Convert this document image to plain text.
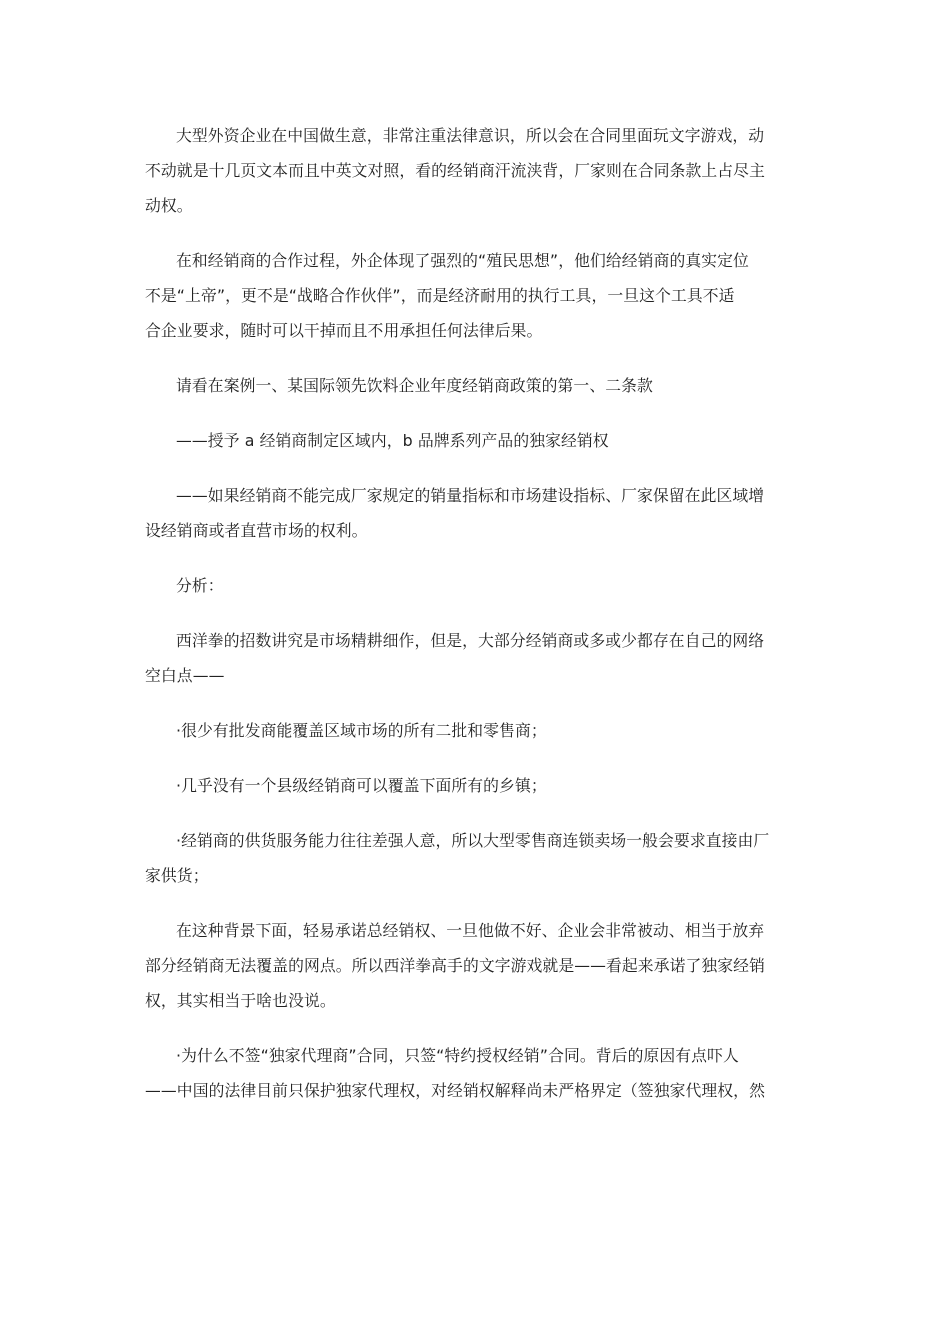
大型外资企业在中国做生意，非常注重法律意识，所以会在合同里面玩文字游戏，动
不动就是十几页文本而且中英文对照，看的经销商汗流浃背，厂家则在合同条款上占尽主
动权。

在和经销商的合作过程，外企体现了强烈的“殖民思想”，他们给经销商的真实定位
不是“上帝”，更不是“战略合作伙伴”，而是经济耐用的执行工具，一旦这个工具不适
合企业要求，随时可以干掉而且不用承担任何法律后果。

请看在案例一、某国际领先饮料企业年度经销商政策的第一、二条款

——授予 a 经销商制定区域内，b 品牌系列产品的独家经销权

——如果经销商不能完成厂家规定的销量指标和市场建设指标、厂家保留在此区域增
设经销商或者直营市场的权利。

分析：

西洋拳的招数讲究是市场精耕细作，但是，大部分经销商或多或少都存在自己的网络
空白点——

·很少有批发商能覆盖区域市场的所有二批和零售商；

·几乎没有一个县级经销商可以覆盖下面所有的乡镇；

·经销商的供货服务能力往往差强人意，所以大型零售商连锁卖场一般会要求直接由厂
家供货；

在这种背景下面，轻易承诺总经销权、一旦他做不好、企业会非常被动、相当于放弃
部分经销商无法覆盖的网点。所以西洋拳高手的文字游戏就是——看起来承诺了独家经销
权，其实相当于啥也没说。

·为什么不签“独家代理商”合同，只签“特约授权经销”合同。背后的原因有点吓人
——中国的法律目前只保护独家代理权，对经销权解释尚未严格界定（签独家代理权，然
